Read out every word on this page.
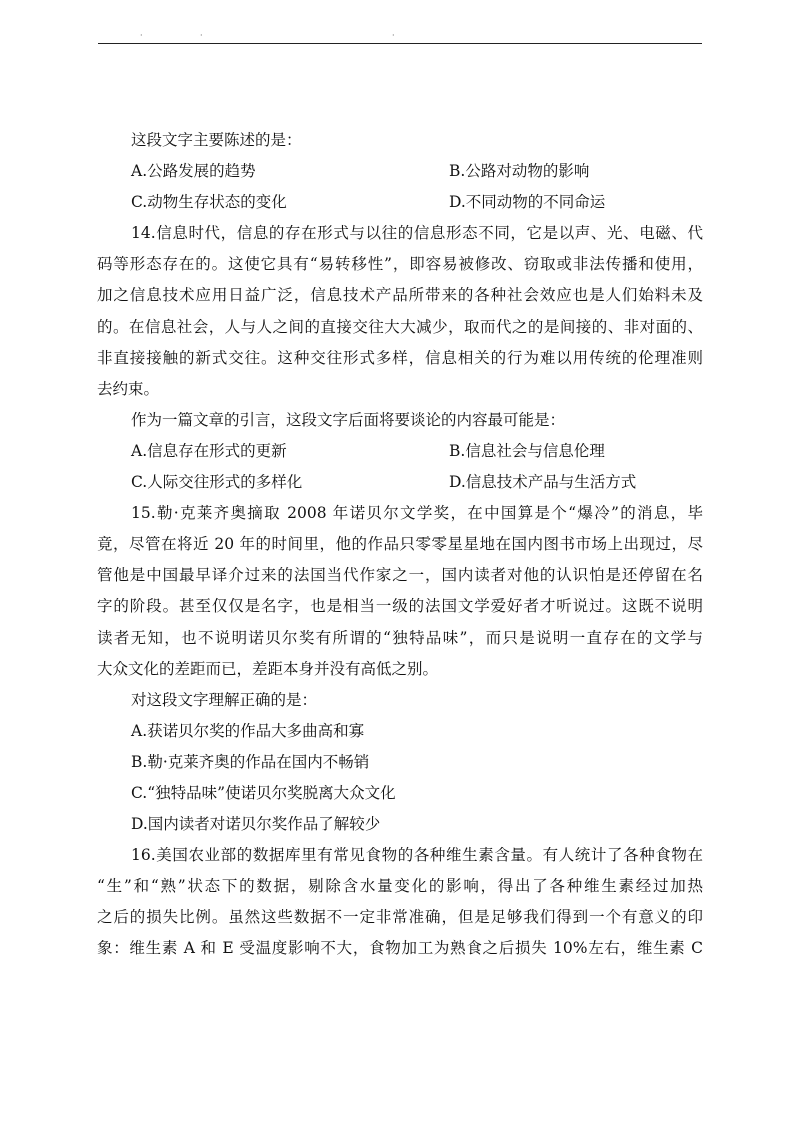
·	·	·
这段文字主要陈述的是：
A.公路发展的趋势	B.公路对动物的影响
C.动物生存状态的变化	D.不同动物的不同命运
14.信息时代，信息的存在形式与以往的信息形态不同，它是以声、光、电磁、代
码等形态存在的。这使它具有“易转移性”，即容易被修改、窃取或非法传播和使用，
加之信息技术应用日益广泛，信息技术产品所带来的各种社会效应也是人们始料未及
的。在信息社会，人与人之间的直接交往大大减少，取而代之的是间接的、非对面的、
非直接接触的新式交往。这种交往形式多样，信息相关的行为难以用传统的伦理准则
去约束。
作为一篇文章的引言，这段文字后面将要谈论的内容最可能是：
A.信息存在形式的更新	B.信息社会与信息伦理
C.人际交往形式的多样化	D.信息技术产品与生活方式
15.勒·克莱齐奥摘取 2008 年诺贝尔文学奖，在中国算是个“爆冷”的消息，毕
竟，尽管在将近 20 年的时间里，他的作品只零零星星地在国内图书市场上出现过，尽
管他是中国最早译介过来的法国当代作家之一，国内读者对他的认识怕是还停留在名
字的阶段。甚至仅仅是名字，也是相当一级的法国文学爱好者才听说过。这既不说明
读者无知，也不说明诺贝尔奖有所谓的“独特品味”，而只是说明一直存在的文学与
大众文化的差距而已，差距本身并没有高低之别。
对这段文字理解正确的是：
A.获诺贝尔奖的作品大多曲高和寡
B.勒·克莱齐奥的作品在国内不畅销
C.“独特品味”使诺贝尔奖脱离大众文化
D.国内读者对诺贝尔奖作品了解较少
16.美国农业部的数据库里有常见食物的各种维生素含量。有人统计了各种食物在
“生”和“熟”状态下的数据，剔除含水量变化的影响，得出了各种维生素经过加热
之后的损失比例。虽然这些数据不一定非常准确，但是足够我们得到一个有意义的印
象：维生素 A 和 E 受温度影响不大，食物加工为熟食之后损失 10%左右，维生素 C
